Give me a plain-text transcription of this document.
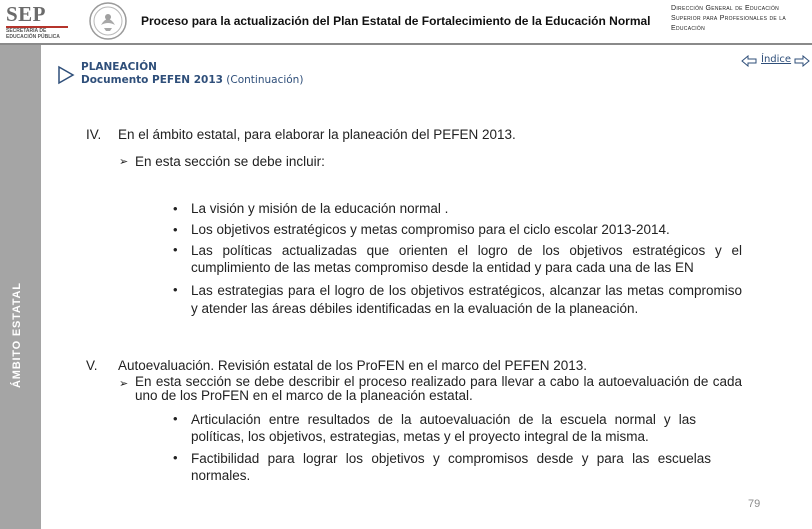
SEP
SECRETARÍA DE
EDUCACIÓN PÚBLICA
Proceso para la actualización del Plan Estatal de Fortalecimiento de la Educación Normal
Dirección General de Educación Superior para Profesionales de la Educación
ÁMBITO ESTATAL
PLANEACIÓN
Documento PEFEN 2013 (Continuación)
Índice
IV. En el ámbito estatal, para elaborar la planeación del PEFEN 2013.
➢ En esta sección se debe incluir:
• La visión y misión de la educación normal .
• Los objetivos estratégicos y metas compromiso para el ciclo escolar 2013-2014.
• Las políticas actualizadas que orienten el logro de los objetivos estratégicos y el cumplimiento de las metas compromiso desde la entidad y para cada una de las EN
• Las estrategias para el logro de los objetivos estratégicos, alcanzar las metas compromiso y atender las áreas débiles identificadas en la evaluación de la planeación.
V. Autoevaluación. Revisión estatal de los ProFEN en el marco del PEFEN 2013.
➢ En esta sección se debe describir el proceso realizado para llevar a cabo la autoevaluación de cada uno de los ProFEN en el marco de la planeación estatal.
• Articulación entre resultados de la autoevaluación de la escuela normal y las políticas, los objetivos, estrategias, metas y el proyecto integral de la misma.
• Factibilidad para lograr los objetivos y compromisos desde y para las escuelas normales.
79
